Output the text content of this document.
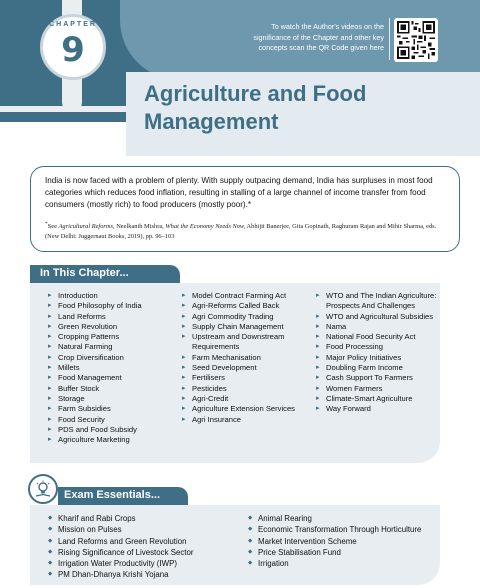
CHAPTER
9
To watch the Author's videos on the significance of the Chapter and other key concepts scan the QR Code given here
Agriculture and Food Management

India is now faced with a problem of plenty. With supply outpacing demand, India has surpluses in most food categories which reduces food inflation, resulting in stalling of a large channel of income transfer from food consumers (mostly rich) to food producers (mostly poor).*

*See Agricultural Reforms, Neelkanth Mishra, What the Economy Needs Now, Abhijit Banerjee, Gita Gopinath, Raghuram Rajan and Mihir Sharma, eds. (New Delhi: Juggernaut Books, 2019), pp. 96–103

In This Chapter...
▸ Introduction
▸ Food Philosophy of India
▸ Land Reforms
▸ Green Revolution
▸ Cropping Patterns
▸ Natural Farming
▸ Crop Diversification
▸ Millets
▸ Food Management
▸ Buffer Stock
▸ Storage
▸ Farm Subsidies
▸ Food Security
▸ PDS and Food Subsidy
▸ Agriculture Marketing
▸ Model Contract Farming Act
▸ Agri-Reforms Called Back
▸ Agri Commodity Trading
▸ Supply Chain Management
▸ Upstream and Downstream Requirements
▸ Farm Mechanisation
▸ Seed Development
▸ Fertilisers
▸ Pesticides
▸ Agri-Credit
▸ Agriculture Extension Services
▸ Agri Insurance
▸ WTO and The Indian Agriculture: Prospects And Challenges
▸ WTO and Agricultural Subsidies
▸ Nama
▸ National Food Security Act
▸ Food Processing
▸ Major Policy Initiatives
▸ Doubling Farm Income
▸ Cash Support To Farmers
▸ Women Farmers
▸ Climate-Smart Agriculture
▸ Way Forward
Exam Essentials...
◆ Kharif and Rabi Crops
◆ Mission on Pulses
◆ Land Reforms and Green Revolution
◆ Rising Significance of Livestock Sector
◆ Irrigation Water Productivity (IWP)
◆ PM Dhan-Dhanya Krishi Yojana
◆ Animal Rearing
◆ Economic Transformation Through Horticulture
◆ Market Intervention Scheme
◆ Price Stabilisation Fund
◆ Irrigation
